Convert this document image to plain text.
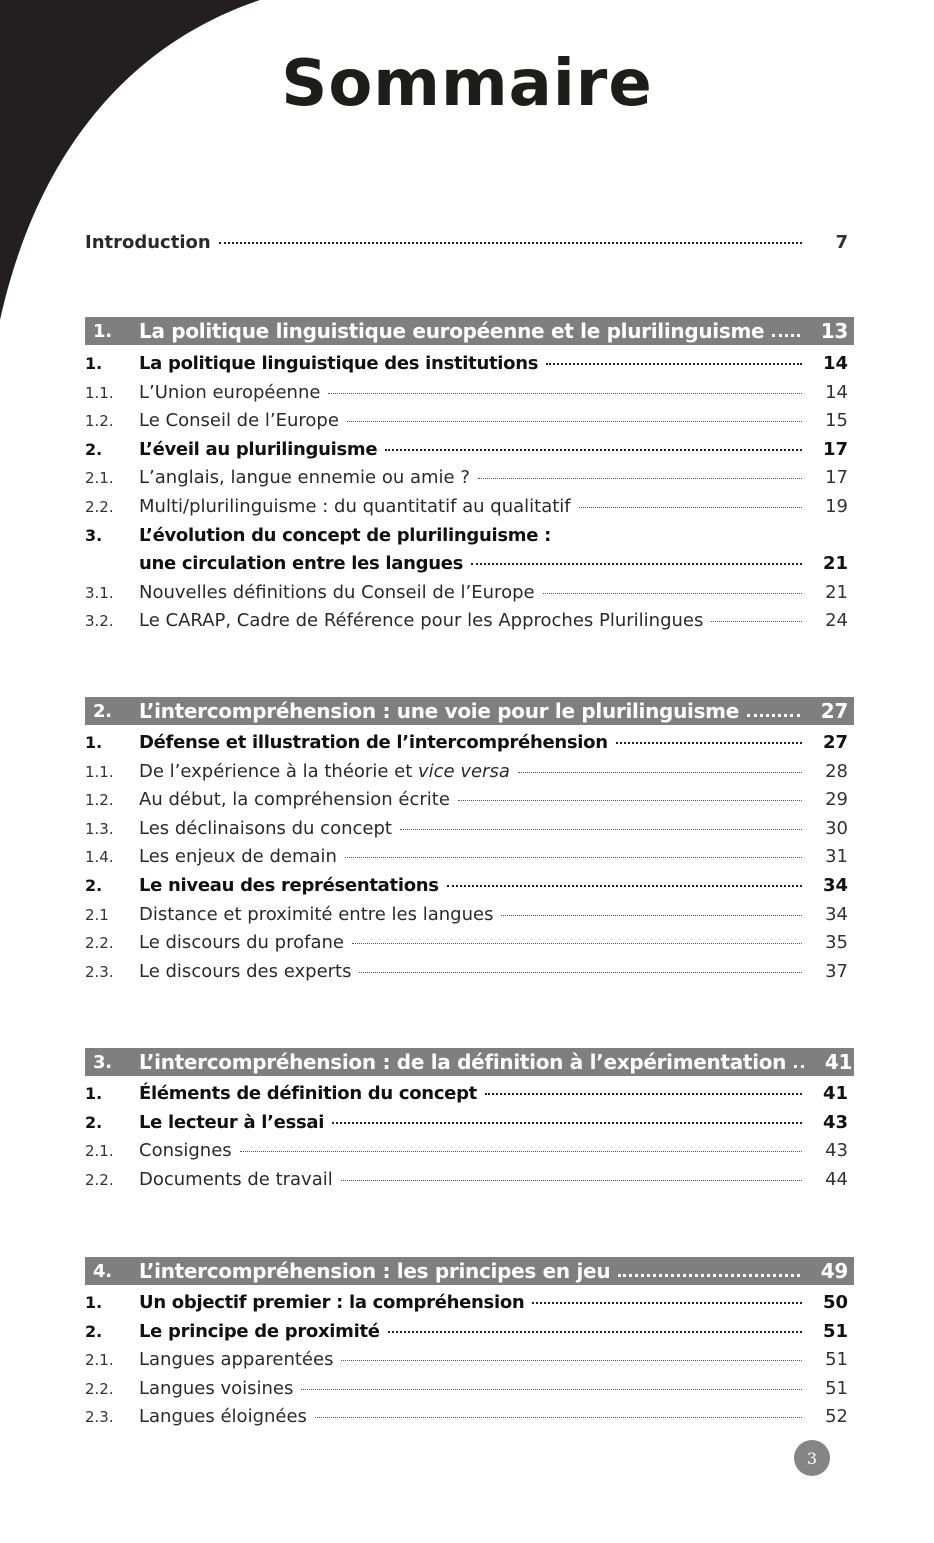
Sommaire
Introduction	7
1.	La politique linguistique européenne et le plurilinguisme	13
1.	La politique linguistique des institutions	14
1.1.	L’Union européenne	14
1.2.	Le Conseil de l’Europe	15
2.	L’éveil au plurilinguisme	17
2.1.	L’anglais, langue ennemie ou amie ?	17
2.2.	Multi/plurilinguisme : du quantitatif au qualitatif	19
3.	L’évolution du concept de plurilinguisme :
une circulation entre les langues	21
3.1.	Nouvelles définitions du Conseil de l’Europe	21
3.2.	Le CARAP, Cadre de Référence pour les Approches Plurilingues	24
2.	L’intercompréhension : une voie pour le plurilinguisme	27
1.	Défense et illustration de l’intercompréhension	27
1.1.	De l’expérience à la théorie et vice versa	28
1.2.	Au début, la compréhension écrite	29
1.3.	Les déclinaisons du concept	30
1.4.	Les enjeux de demain	31
2.	Le niveau des représentations	34
2.1	Distance et proximité entre les langues	34
2.2.	Le discours du profane	35
2.3.	Le discours des experts	37
3.	L’intercompréhension : de la définition à l’expérimentation	41
1.	Éléments de définition du concept	41
2.	Le lecteur à l’essai	43
2.1.	Consignes	43
2.2.	Documents de travail	44
4.	L’intercompréhension : les principes en jeu	49
1.	Un objectif premier : la compréhension	50
2.	Le principe de proximité	51
2.1.	Langues apparentées	51
2.2.	Langues voisines	51
2.3.	Langues éloignées	52
3
